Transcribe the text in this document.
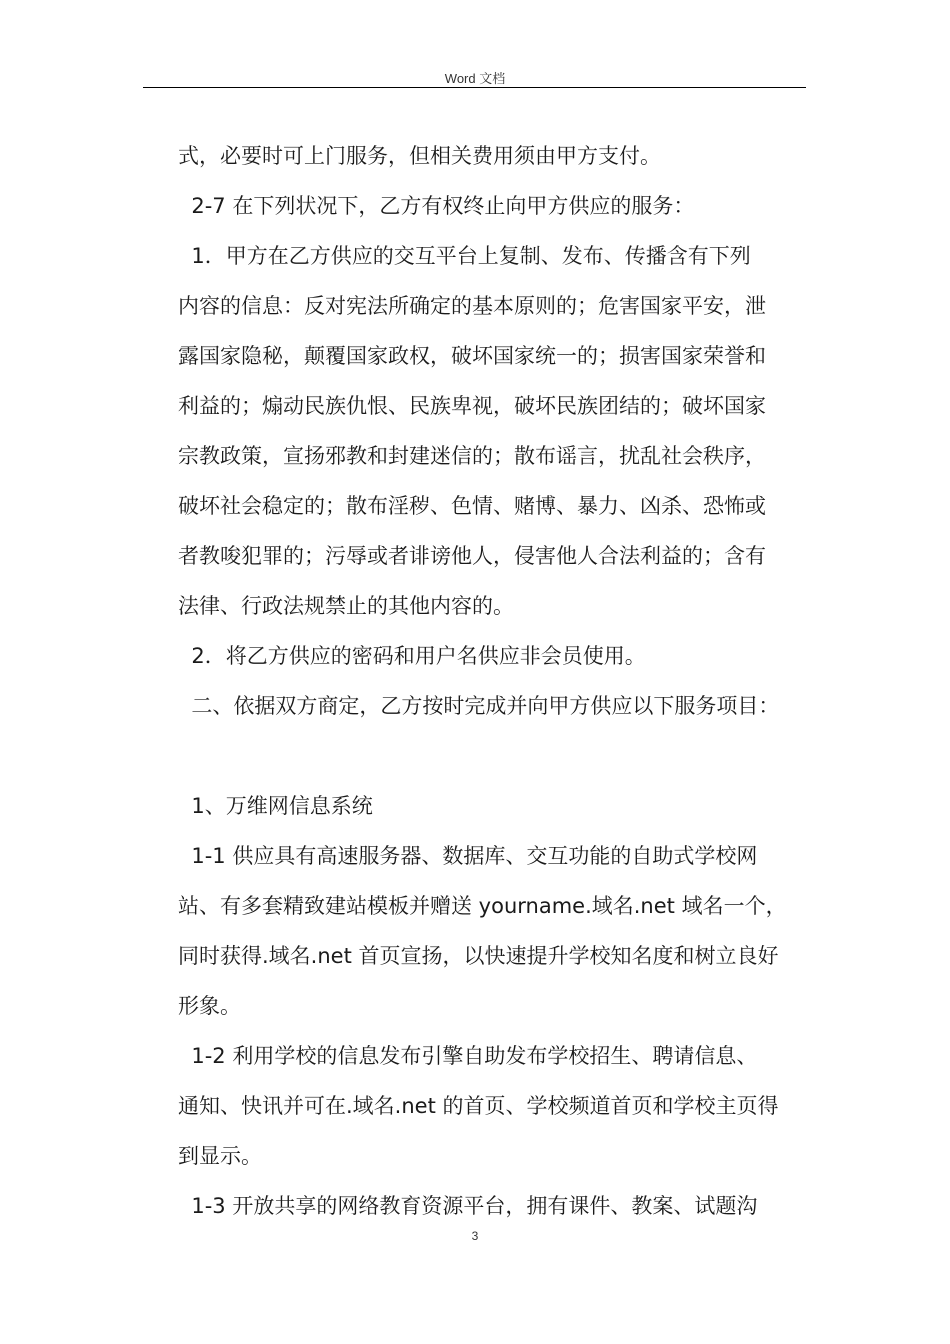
Word 文档

式，必要时可上门服务，但相关费用须由甲方支付。

2-7 在下列状况下，乙方有权终止向甲方供应的服务：

1．甲方在乙方供应的交互平台上复制、发布、传播含有下列

内容的信息：反对宪法所确定的基本原则的；危害国家平安，泄

露国家隐秘，颠覆国家政权，破坏国家统一的；损害国家荣誉和

利益的；煽动民族仇恨、民族卑视，破坏民族团结的；破坏国家

宗教政策，宣扬邪教和封建迷信的；散布谣言，扰乱社会秩序，

破坏社会稳定的；散布淫秽、色情、赌博、暴力、凶杀、恐怖或

者教唆犯罪的；污辱或者诽谤他人，侵害他人合法利益的；含有

法律、行政法规禁止的其他内容的。

2．将乙方供应的密码和用户名供应非会员使用。

二、依据双方商定，乙方按时完成并向甲方供应以下服务项目：

1、万维网信息系统

1-1 供应具有高速服务器、数据库、交互功能的自助式学校网

站、有多套精致建站模板并赠送 yourname.域名.net 域名一个，

同时获得.域名.net 首页宣扬，以快速提升学校知名度和树立良好

形象。

1-2 利用学校的信息发布引擎自助发布学校招生、聘请信息、

通知、快讯并可在.域名.net 的首页、学校频道首页和学校主页得

到显示。

1-3 开放共享的网络教育资源平台，拥有课件、教案、试题沟

3
